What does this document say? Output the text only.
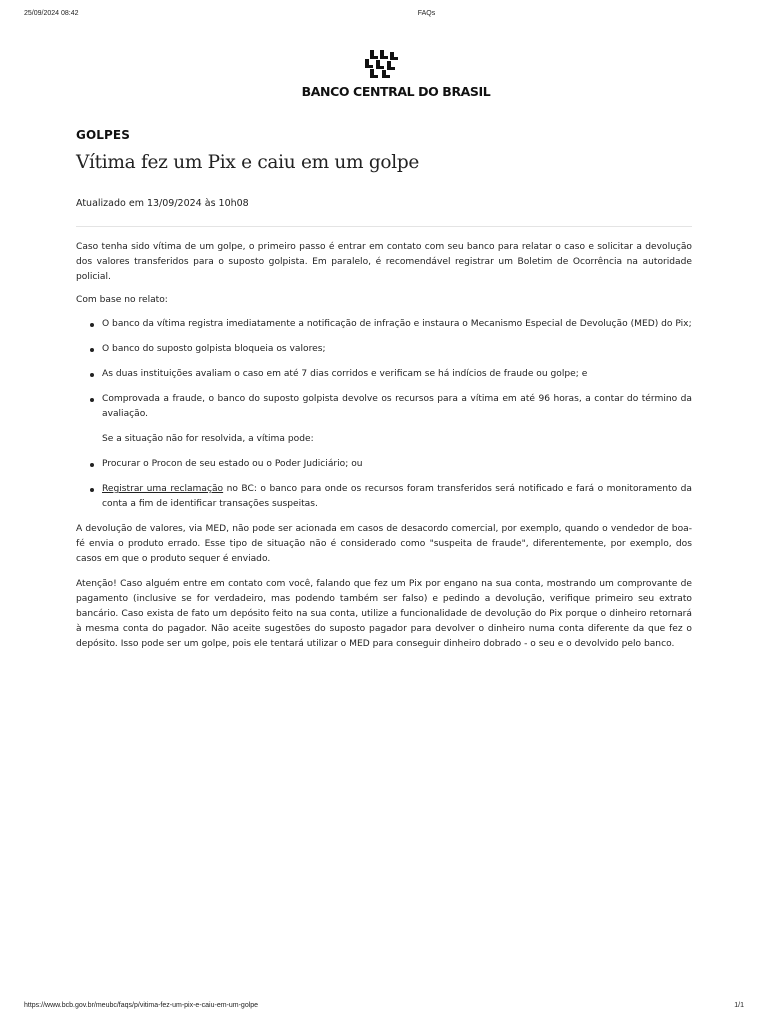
25/09/2024 08:42	FAQs
BANCO CENTRAL DO BRASIL
GOLPES
Vítima fez um Pix e caiu em um golpe
Atualizado em 13/09/2024 às 10h08

Caso tenha sido vítima de um golpe, o primeiro passo é entrar em contato com seu banco para relatar o caso e solicitar a devolução dos valores transferidos para o suposto golpista. Em paralelo, é recomendável registrar um Boletim de Ocorrência na autoridade policial.

Com base no relato:

O banco da vítima registra imediatamente a notificação de infração e instaura o Mecanismo Especial de Devolução (MED) do Pix;
O banco do suposto golpista bloqueia os valores;
As duas instituições avaliam o caso em até 7 dias corridos e verificam se há indícios de fraude ou golpe; e
Comprovada a fraude, o banco do suposto golpista devolve os recursos para a vítima em até 96 horas, a contar do término da avaliação.
Se a situação não for resolvida, a vítima pode:
Procurar o Procon de seu estado ou o Poder Judiciário; ou
Registrar uma reclamação no BC: o banco para onde os recursos foram transferidos será notificado e fará o monitoramento da conta a fim de identificar transações suspeitas.

A devolução de valores, via MED, não pode ser acionada em casos de desacordo comercial, por exemplo, quando o vendedor de boa-fé envia o produto errado. Esse tipo de situação não é considerado como "suspeita de fraude", diferentemente, por exemplo, dos casos em que o produto sequer é enviado.

Atenção! Caso alguém entre em contato com você, falando que fez um Pix por engano na sua conta, mostrando um comprovante de pagamento (inclusive se for verdadeiro, mas podendo também ser falso) e pedindo a devolução, verifique primeiro seu extrato bancário. Caso exista de fato um depósito feito na sua conta, utilize a funcionalidade de devolução do Pix porque o dinheiro retornará à mesma conta do pagador. Não aceite sugestões do suposto pagador para devolver o dinheiro numa conta diferente da que fez o depósito. Isso pode ser um golpe, pois ele tentará utilizar o MED para conseguir dinheiro dobrado - o seu e o devolvido pelo banco.

https://www.bcb.gov.br/meubc/faqs/p/vitima-fez-um-pix-e-caiu-em-um-golpe	1/1
